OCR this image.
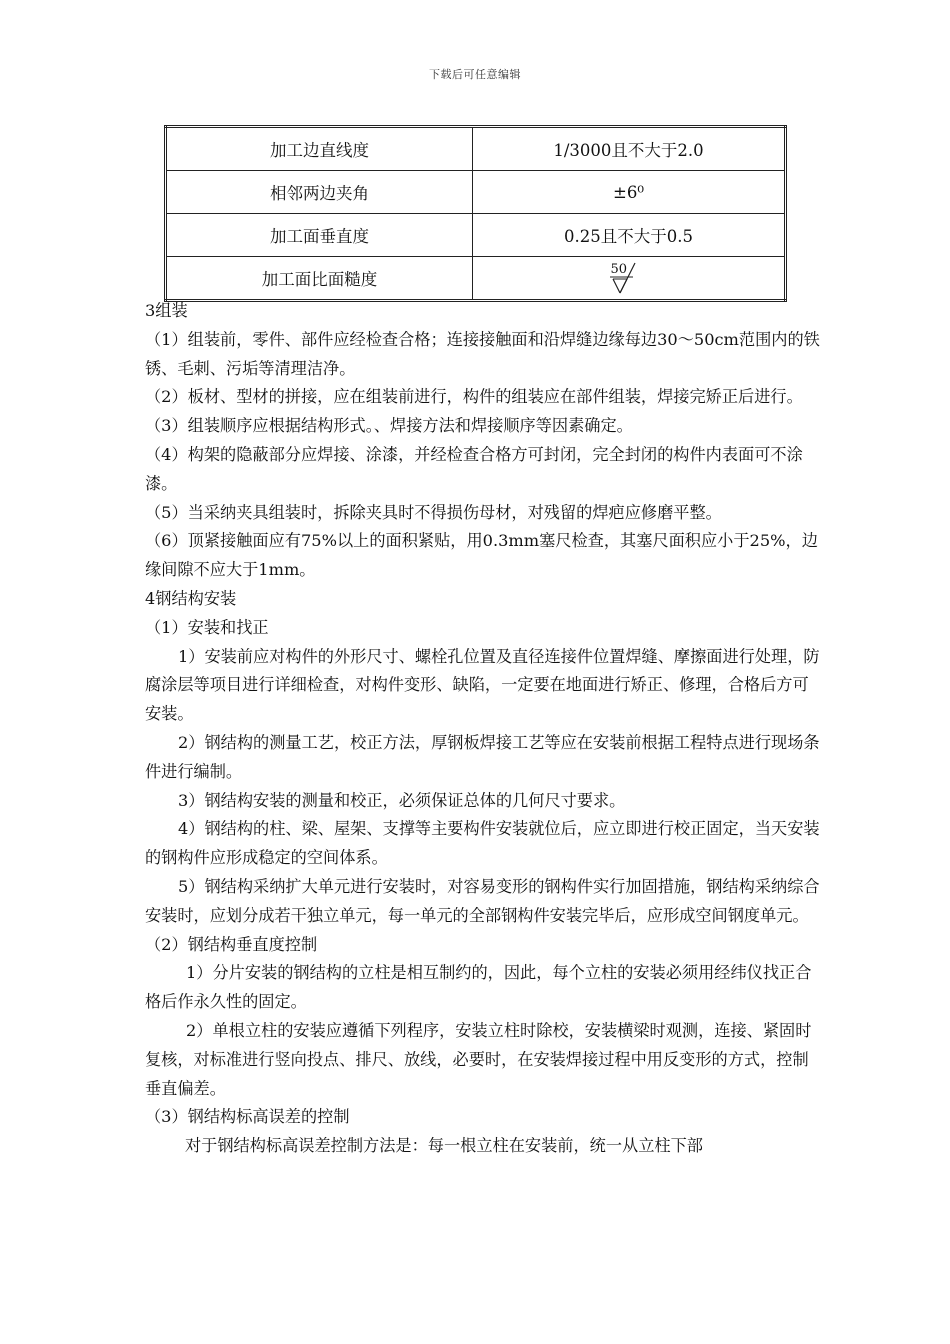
下载后可任意编辑
加工边直线度	1/3000且不大于2.0
相邻两边夹角	±6⁰
加工面垂直度	0.25且不大于0.5
加工面比面糙度	50

3组装

（1）组装前，零件、部件应经检查合格；连接接触面和沿焊缝边缘每边30～50cm范围内的铁锈、毛刺、污垢等清理洁净。

（2）板材、型材的拼接，应在组装前进行，构件的组装应在部件组装，焊接完矫正后进行。

（3）组装顺序应根据结构形式。、焊接方法和焊接顺序等因素确定。

（4）构架的隐蔽部分应焊接、涂漆，并经检查合格方可封闭，完全封闭的构件内表面可不涂漆。

（5）当采纳夹具组装时，拆除夹具时不得损伤母材，对残留的焊疤应修磨平整。

（6）顶紧接触面应有75%以上的面积紧贴，用0.3mm塞尺检查，其塞尺面积应小于25%，边缘间隙不应大于1mm。

4钢结构安装

（1）安装和找正

1）安装前应对构件的外形尺寸、螺栓孔位置及直径连接件位置焊缝、摩擦面进行处理，防腐涂层等项目进行详细检查，对构件变形、缺陷，一定要在地面进行矫正、修理，合格后方可安装。

2）钢结构的测量工艺，校正方法，厚钢板焊接工艺等应在安装前根据工程特点进行现场条件进行编制。

3）钢结构安装的测量和校正，必须保证总体的几何尺寸要求。

4）钢结构的柱、梁、屋架、支撑等主要构件安装就位后，应立即进行校正固定，当天安装的钢构件应形成稳定的空间体系。

5）钢结构采纳扩大单元进行安装时，对容易变形的钢构件实行加固措施，钢结构采纳综合安装时，应划分成若干独立单元，每一单元的全部钢构件安装完毕后，应形成空间钢度单元。

（2）钢结构垂直度控制

1）分片安装的钢结构的立柱是相互制约的，因此，每个立柱的安装必须用经纬仪找正合格后作永久性的固定。

2）单根立柱的安装应遵循下列程序，安装立柱时除校，安装横梁时观测，连接、紧固时复核，对标准进行竖向投点、排尺、放线，必要时，在安装焊接过程中用反变形的方式，控制垂直偏差。

（3）钢结构标高误差的控制

对于钢结构标高误差控制方法是：每一根立柱在安装前，统一从立柱下部
